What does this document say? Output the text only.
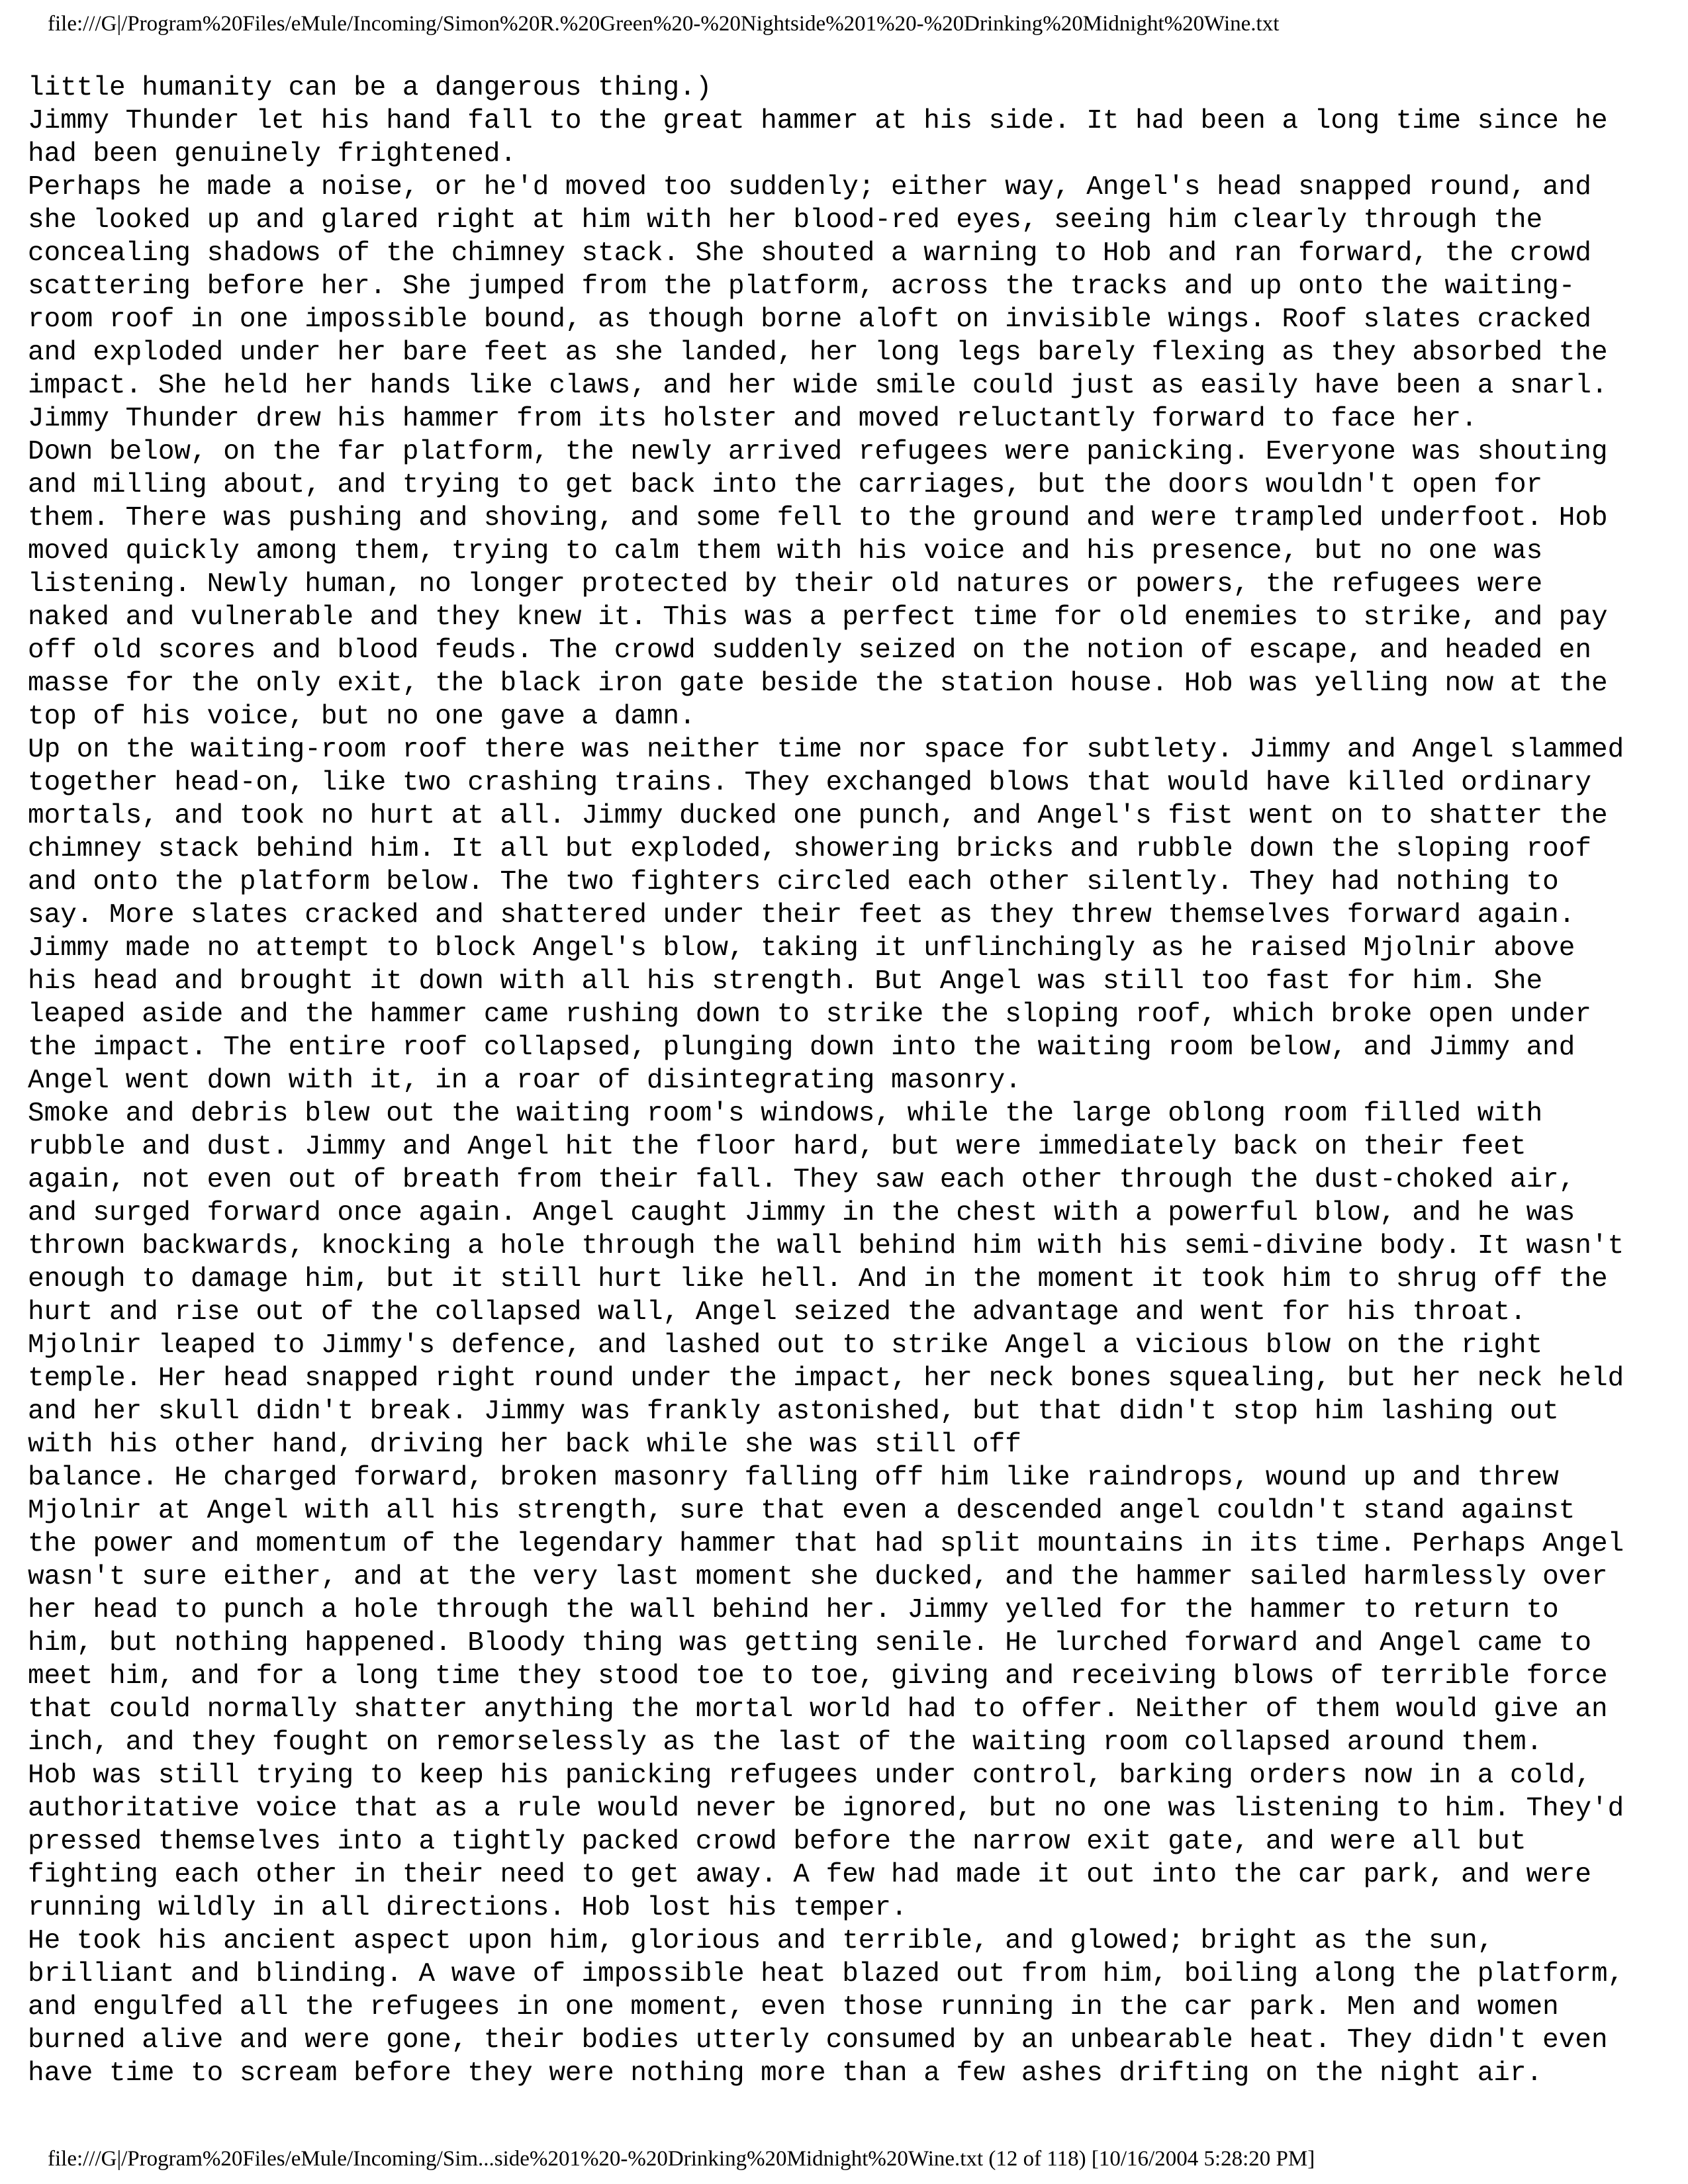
file:///G|/Program%20Files/eMule/Incoming/Simon%20R.%20Green%20-%20Nightside%201%20-%20Drinking%20Midnight%20Wine.txt
little humanity can be a dangerous thing.)
Jimmy Thunder let his hand fall to the great hammer at his side. It had been a long time since he
had been genuinely frightened.
Perhaps he made a noise, or he'd moved too suddenly; either way, Angel's head snapped round, and
she looked up and glared right at him with her blood-red eyes, seeing him clearly through the
concealing shadows of the chimney stack. She shouted a warning to Hob and ran forward, the crowd
scattering before her. She jumped from the platform, across the tracks and up onto the waiting-
room roof in one impossible bound, as though borne aloft on invisible wings. Roof slates cracked
and exploded under her bare feet as she landed, her long legs barely flexing as they absorbed the
impact. She held her hands like claws, and her wide smile could just as easily have been a snarl.
Jimmy Thunder drew his hammer from its holster and moved reluctantly forward to face her.
Down below, on the far platform, the newly arrived refugees were panicking. Everyone was shouting
and milling about, and trying to get back into the carriages, but the doors wouldn't open for
them. There was pushing and shoving, and some fell to the ground and were trampled underfoot. Hob
moved quickly among them, trying to calm them with his voice and his presence, but no one was
listening. Newly human, no longer protected by their old natures or powers, the refugees were
naked and vulnerable and they knew it. This was a perfect time for old enemies to strike, and pay
off old scores and blood feuds. The crowd suddenly seized on the notion of escape, and headed en
masse for the only exit, the black iron gate beside the station house. Hob was yelling now at the
top of his voice, but no one gave a damn.
Up on the waiting-room roof there was neither time nor space for subtlety. Jimmy and Angel slammed
together head-on, like two crashing trains. They exchanged blows that would have killed ordinary
mortals, and took no hurt at all. Jimmy ducked one punch, and Angel's fist went on to shatter the
chimney stack behind him. It all but exploded, showering bricks and rubble down the sloping roof
and onto the platform below. The two fighters circled each other silently. They had nothing to
say. More slates cracked and shattered under their feet as they threw themselves forward again.
Jimmy made no attempt to block Angel's blow, taking it unflinchingly as he raised Mjolnir above
his head and brought it down with all his strength. But Angel was still too fast for him. She
leaped aside and the hammer came rushing down to strike the sloping roof, which broke open under
the impact. The entire roof collapsed, plunging down into the waiting room below, and Jimmy and
Angel went down with it, in a roar of disintegrating masonry.
Smoke and debris blew out the waiting room's windows, while the large oblong room filled with
rubble and dust. Jimmy and Angel hit the floor hard, but were immediately back on their feet
again, not even out of breath from their fall. They saw each other through the dust-choked air,
and surged forward once again. Angel caught Jimmy in the chest with a powerful blow, and he was
thrown backwards, knocking a hole through the wall behind him with his semi-divine body. It wasn't
enough to damage him, but it still hurt like hell. And in the moment it took him to shrug off the
hurt and rise out of the collapsed wall, Angel seized the advantage and went for his throat.
Mjolnir leaped to Jimmy's defence, and lashed out to strike Angel a vicious blow on the right
temple. Her head snapped right round under the impact, her neck bones squealing, but her neck held
and her skull didn't break. Jimmy was frankly astonished, but that didn't stop him lashing out
with his other hand, driving her back while she was still off
balance. He charged forward, broken masonry falling off him like raindrops, wound up and threw
Mjolnir at Angel with all his strength, sure that even a descended angel couldn't stand against
the power and momentum of the legendary hammer that had split mountains in its time. Perhaps Angel
wasn't sure either, and at the very last moment she ducked, and the hammer sailed harmlessly over
her head to punch a hole through the wall behind her. Jimmy yelled for the hammer to return to
him, but nothing happened. Bloody thing was getting senile. He lurched forward and Angel came to
meet him, and for a long time they stood toe to toe, giving and receiving blows of terrible force
that could normally shatter anything the mortal world had to offer. Neither of them would give an
inch, and they fought on remorselessly as the last of the waiting room collapsed around them.
Hob was still trying to keep his panicking refugees under control, barking orders now in a cold,
authoritative voice that as a rule would never be ignored, but no one was listening to him. They'd
pressed themselves into a tightly packed crowd before the narrow exit gate, and were all but
fighting each other in their need to get away. A few had made it out into the car park, and were
running wildly in all directions. Hob lost his temper.
He took his ancient aspect upon him, glorious and terrible, and glowed; bright as the sun,
brilliant and blinding. A wave of impossible heat blazed out from him, boiling along the platform,
and engulfed all the refugees in one moment, even those running in the car park. Men and women
burned alive and were gone, their bodies utterly consumed by an unbearable heat. They didn't even
have time to scream before they were nothing more than a few ashes drifting on the night air.
file:///G|/Program%20Files/eMule/Incoming/Sim...side%201%20-%20Drinking%20Midnight%20Wine.txt (12 of 118) [10/16/2004 5:28:20 PM]
